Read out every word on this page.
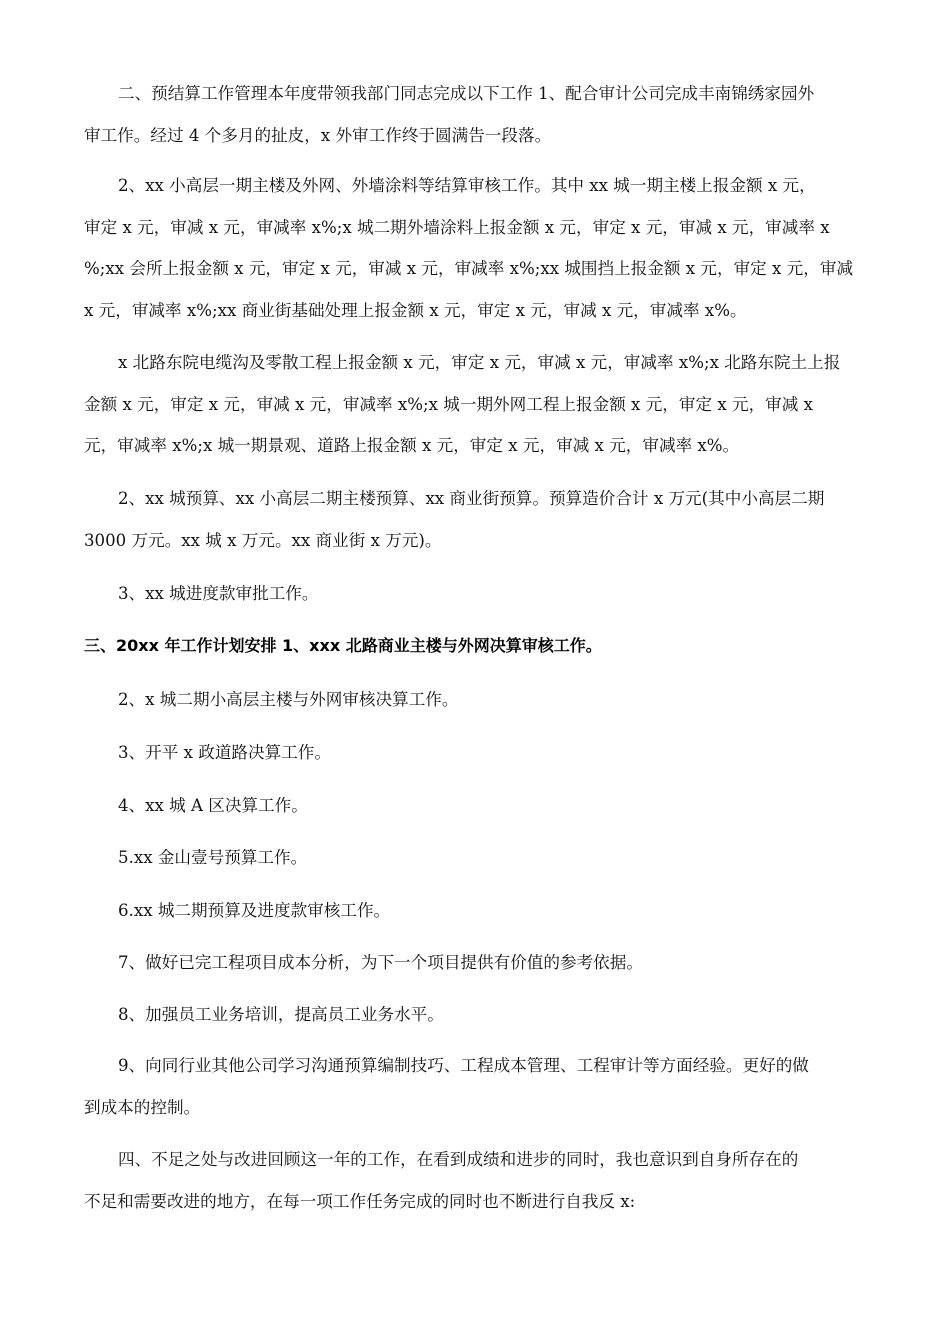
二、预结算工作管理本年度带领我部门同志完成以下工作 1、配合审计公司完成丰南锦绣家园外
审工作。经过 4 个多月的扯皮，x 外审工作终于圆满告一段落。

2、xx 小高层一期主楼及外网、外墙涂料等结算审核工作。其中 xx 城一期主楼上报金额 x 元，
审定 x 元，审减 x 元，审减率 x%;x 城二期外墙涂料上报金额 x 元，审定 x 元，审减 x 元，审减率 x
%;xx 会所上报金额 x 元，审定 x 元，审减 x 元，审减率 x%;xx 城围挡上报金额 x 元，审定 x 元，审减
x 元，审减率 x%;xx 商业街基础处理上报金额 x 元，审定 x 元，审减 x 元，审减率 x%。

x 北路东院电缆沟及零散工程上报金额 x 元，审定 x 元，审减 x 元，审减率 x%;x 北路东院土上报
金额 x 元，审定 x 元，审减 x 元，审减率 x%;x 城一期外网工程上报金额 x 元，审定 x 元，审减 x
元，审减率 x%;x 城一期景观、道路上报金额 x 元，审定 x 元，审减 x 元，审减率 x%。

2、xx 城预算、xx 小高层二期主楼预算、xx 商业街预算。预算造价合计 x 万元(其中小高层二期
3000 万元。xx 城 x 万元。xx 商业街 x 万元)。

3、xx 城进度款审批工作。

三、20xx 年工作计划安排 1、xxx 北路商业主楼与外网决算审核工作。

2、x 城二期小高层主楼与外网审核决算工作。

3、开平 x 政道路决算工作。

4、xx 城 A 区决算工作。

5.xx 金山壹号预算工作。

6.xx 城二期预算及进度款审核工作。

7、做好已完工程项目成本分析，为下一个项目提供有价值的参考依据。

8、加强员工业务培训，提高员工业务水平。

9、向同行业其他公司学习沟通预算编制技巧、工程成本管理、工程审计等方面经验。更好的做
到成本的控制。

四、不足之处与改进回顾这一年的工作，在看到成绩和进步的同时，我也意识到自身所存在的
不足和需要改进的地方，在每一项工作任务完成的同时也不断进行自我反 x:
